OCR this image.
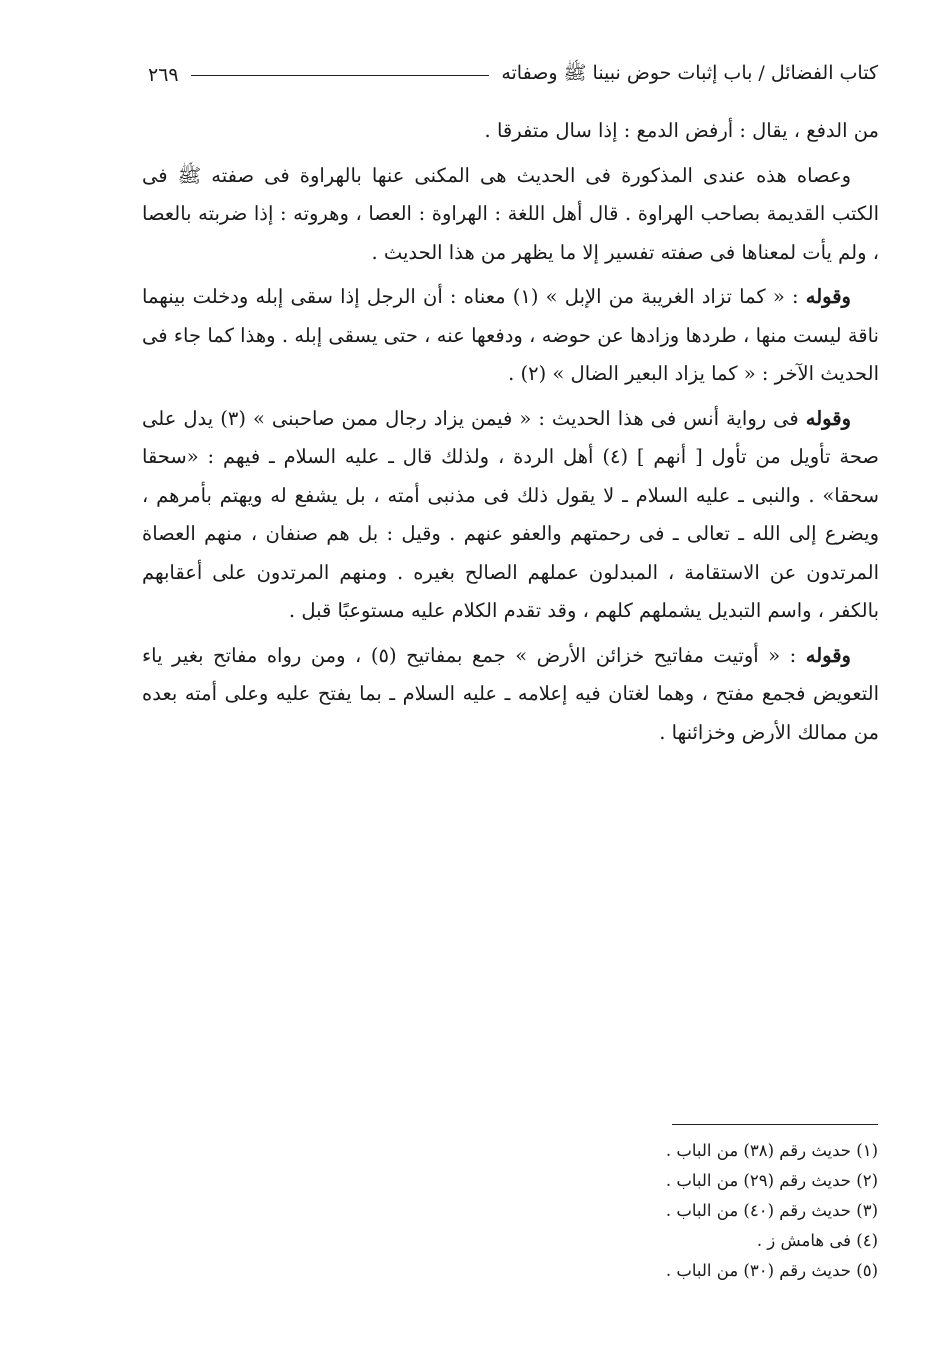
كتاب الفضائل / باب إثبات حوض نبينا ﷺ وصفاته
٢٦٩

من الدفع ، يقال : أرفض الدمع : إذا سال متفرقا .

وعصاه هذه عندى المذكورة فى الحديث هى المكنى عنها بالهراوة فى صفته ﷺ فى الكتب القديمة بصاحب الهراوة . قال أهل اللغة : الهراوة : العصا ، وهروته : إذا ضربته بالعصا ، ولم يأت لمعناها فى صفته تفسير إلا ما يظهر من هذا الحديث .

وقوله : « كما تزاد الغريبة من الإبل » (١) معناه : أن الرجل إذا سقى إبله ودخلت بينهما ناقة ليست منها ، طردها وزادها عن حوضه ، ودفعها عنه ، حتى يسقى إبله . وهذا كما جاء فى الحديث الآخر : « كما يزاد البعير الضال » (٢) .

وقوله فى رواية أنس فى هذا الحديث : « فيمن يزاد رجال ممن صاحبنى » (٣) يدل على صحة تأويل من تأول [ أنهم ] (٤) أهل الردة ، ولذلك قال ـ عليه السلام ـ فيهم : «سحقا سحقا» . والنبى ـ عليه السلام ـ لا يقول ذلك فى مذنبى أمته ، بل يشفع له ويهتم بأمرهم ، ويضرع إلى الله ـ تعالى ـ فى رحمتهم والعفو عنهم . وقيل : بل هم صنفان ، منهم العصاة المرتدون عن الاستقامة ، المبدلون عملهم الصالح بغيره . ومنهم المرتدون على أعقابهم بالكفر ، واسم التبديل يشملهم كلهم ، وقد تقدم الكلام عليه مستوعبًا قبل .

وقوله : « أوتيت مفاتيح خزائن الأرض » جمع بمفاتيح (٥) ، ومن رواه مفاتح بغير ياء التعويض فجمع مفتح ، وهما لغتان فيه إعلامه ـ عليه السلام ـ بما يفتح عليه وعلى أمته بعده من ممالك الأرض وخزائنها .

(١) حديث رقم (٣٨) من الباب .

(٢) حديث رقم (٢٩) من الباب .

(٣) حديث رقم (٤٠) من الباب .

(٤) فى هامش ز .

(٥) حديث رقم (٣٠) من الباب .
